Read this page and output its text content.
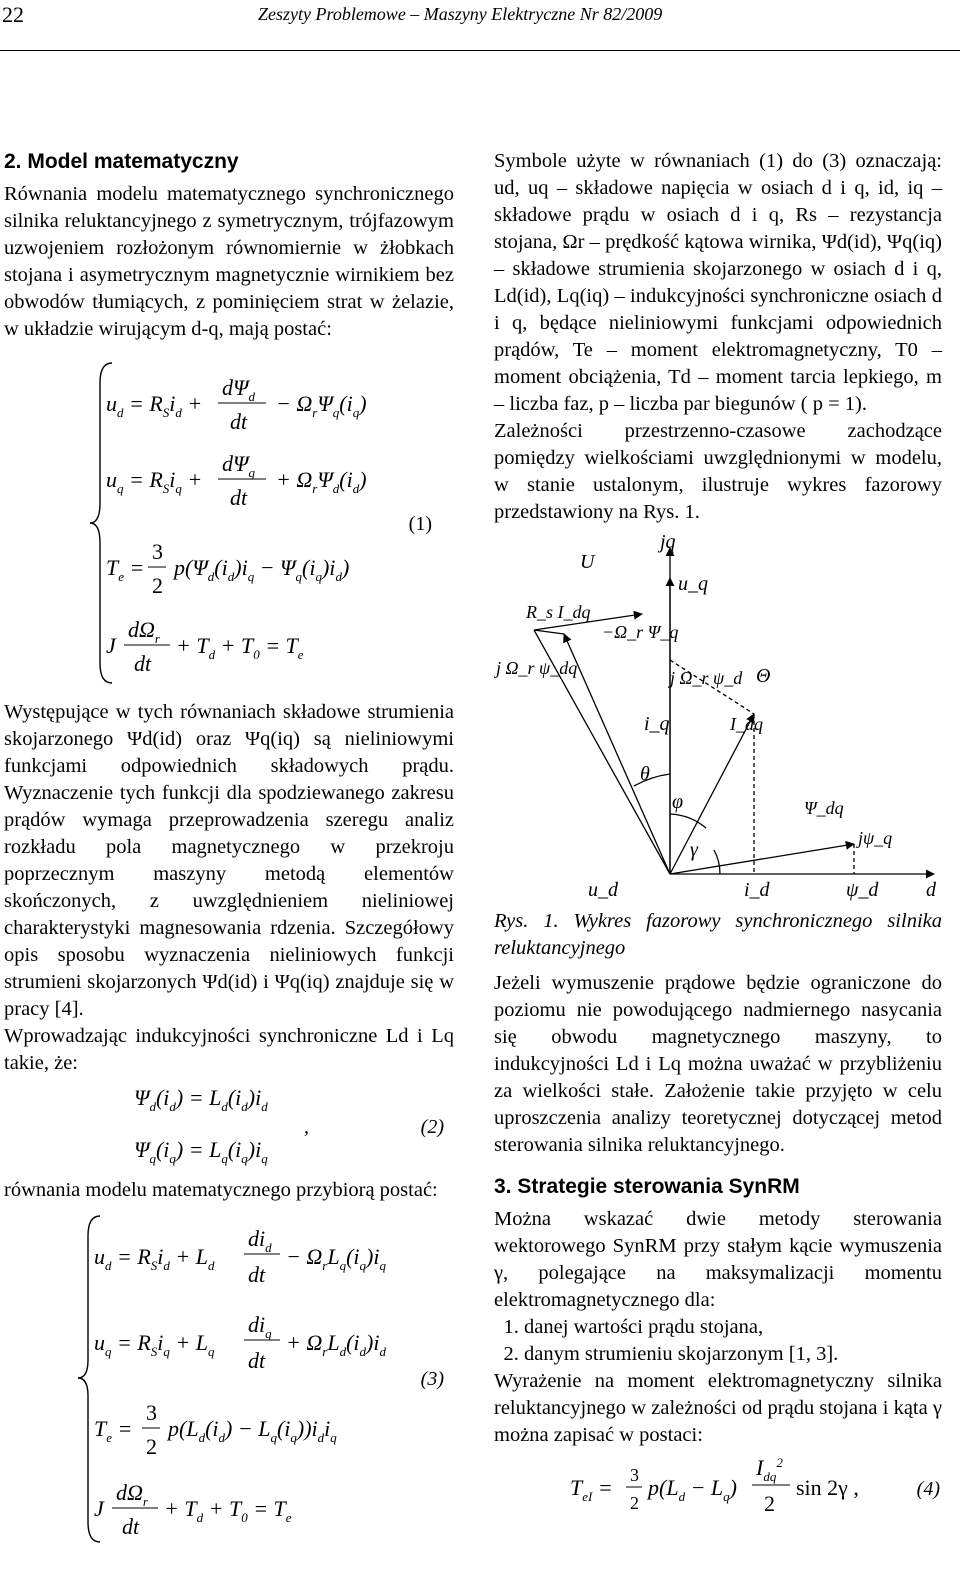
22	Zeszyty Problemowe – Maszyny Elektryczne Nr 82/2009
2. Model matematyczny

Równania modelu matematycznego synchronicznego silnika reluktancyjnego z symetrycznym, trójfazowym uzwojeniem rozłożonym równomiernie w żłobkach stojana i asymetrycznym magnetycznie wirnikiem bez obwodów tłumiących, z pominięciem strat w żelazie, w układzie wirującym d-q, mają postać:

(1)
$u_d = R_Si_d$ +
$d\Psi_d$
dt
− $\Omega_r\Psi_q(i_q)$
$u_q = R_Si_q$ +
$d\Psi_q$
dt
+ $\Omega_r\Psi_d(i_d)$
$T_e$ =
3
2
$p(\Psi_d(i_d)i_q - \Psi_q(i_q)i_d)$
J
$d\Omega_r$
dt
+ $T_d + T_0 = T_e$

Występujące w tych równaniach składowe strumienia skojarzonego Ψd(id) oraz Ψq(iq) są nieliniowymi funkcjami odpowiednich składowych prądu. Wyznaczenie tych funkcji dla spodziewanego zakresu prądów wymaga przeprowadzenia szeregu analiz rozkładu pola magnetycznego w przekroju poprzecznym maszyny metodą elementów skończonych, z uwzględnieniem nieliniowej charakterystyki magnesowania rdzenia. Szczegółowy opis sposobu wyznaczenia nieliniowych funkcji strumieni skojarzonych Ψd(id) i Ψq(iq) znajduje się w pracy [4].

Wprowadzając indukcyjności synchroniczne Ld i Lq takie, że:

$\Psi_d(i_d) = L_d(i_d)i_d$
$\Psi_q(i_q) = L_q(i_q)i_q$
,	(2)

równania modelu matematycznego przybiorą postać:

(3)
$u_d = R_Si_d + L_d$
$di_d$
dt
− $\Omega_rL_q(i_q)i_q$
$u_q = R_Si_q + L_q$
$di_q$
dt
+ $\Omega_rL_d(i_d)i_d$
$T_e$ =
3
2
$p(L_d(i_d) - L_q(i_q))i_di_q$
J
$d\Omega_r$
dt
+ $T_d + T_0 = T_e$

Symbole użyte w równaniach (1) do (3) oznaczają: ud, uq – składowe napięcia w osiach d i q, id, iq – składowe prądu w osiach d i q, Rs – rezystancja stojana, Ωr – prędkość kątowa wirnika, Ψd(id), Ψq(iq) – składowe strumienia skojarzonego w osiach d i q, Ld(id), Lq(iq) – indukcyjności synchroniczne osiach d i q, będące nieliniowymi funkcjami odpowiednich prądów, Te – moment elektromagnetyczny, T0 – moment obciążenia, Td – moment tarcia lepkiego, m – liczba faz, p – liczba par biegunów ( p = 1).

Zależności przestrzenno-czasowe zachodzące pomiędzy wielkościami uwzględnionymi w modelu, w stanie ustalonym, ilustruje wykres fazorowy przedstawiony na Rys. 1.

jq
U
u_q
R_s I_dq
−Ω_r Ψ_q
j Ω_r ψ_dq	j Ω_r ψ_d Θ
i_q	I_dq
θ
φ	Ψ_dq
jψ_q
γ
u_d	i_d	ψ_d d

Rys. 1. Wykres fazorowy synchronicznego silnika reluktancyjnego

Jeżeli wymuszenie prądowe będzie ograniczone do poziomu nie powodującego nadmiernego nasycania się obwodu magnetycznego maszyny, to indukcyjności Ld i Lq można uważać w przybliżeniu za wielkości stałe. Założenie takie przyjęto w celu uproszczenia analizy teoretycznej dotyczącej metod sterowania silnika reluktancyjnego.

3. Strategie sterowania SynRM

Można wskazać dwie metody sterowania wektorowego SynRM przy stałym kącie wymuszenia γ, polegające na maksymalizacji momentu elektromagnetycznego dla:

1. danej wartości prądu stojana,
2. danym strumieniu skojarzonym [1, 3].

Wyrażenie na moment elektromagnetyczny silnika reluktancyjnego w zależności od prądu stojana i kąta γ można zapisać w postaci:

$T_{eI} = 3$
2
$p(L_d - L_q)$
$I_{dq}^2$
2
sin 2γ ,	(4)
